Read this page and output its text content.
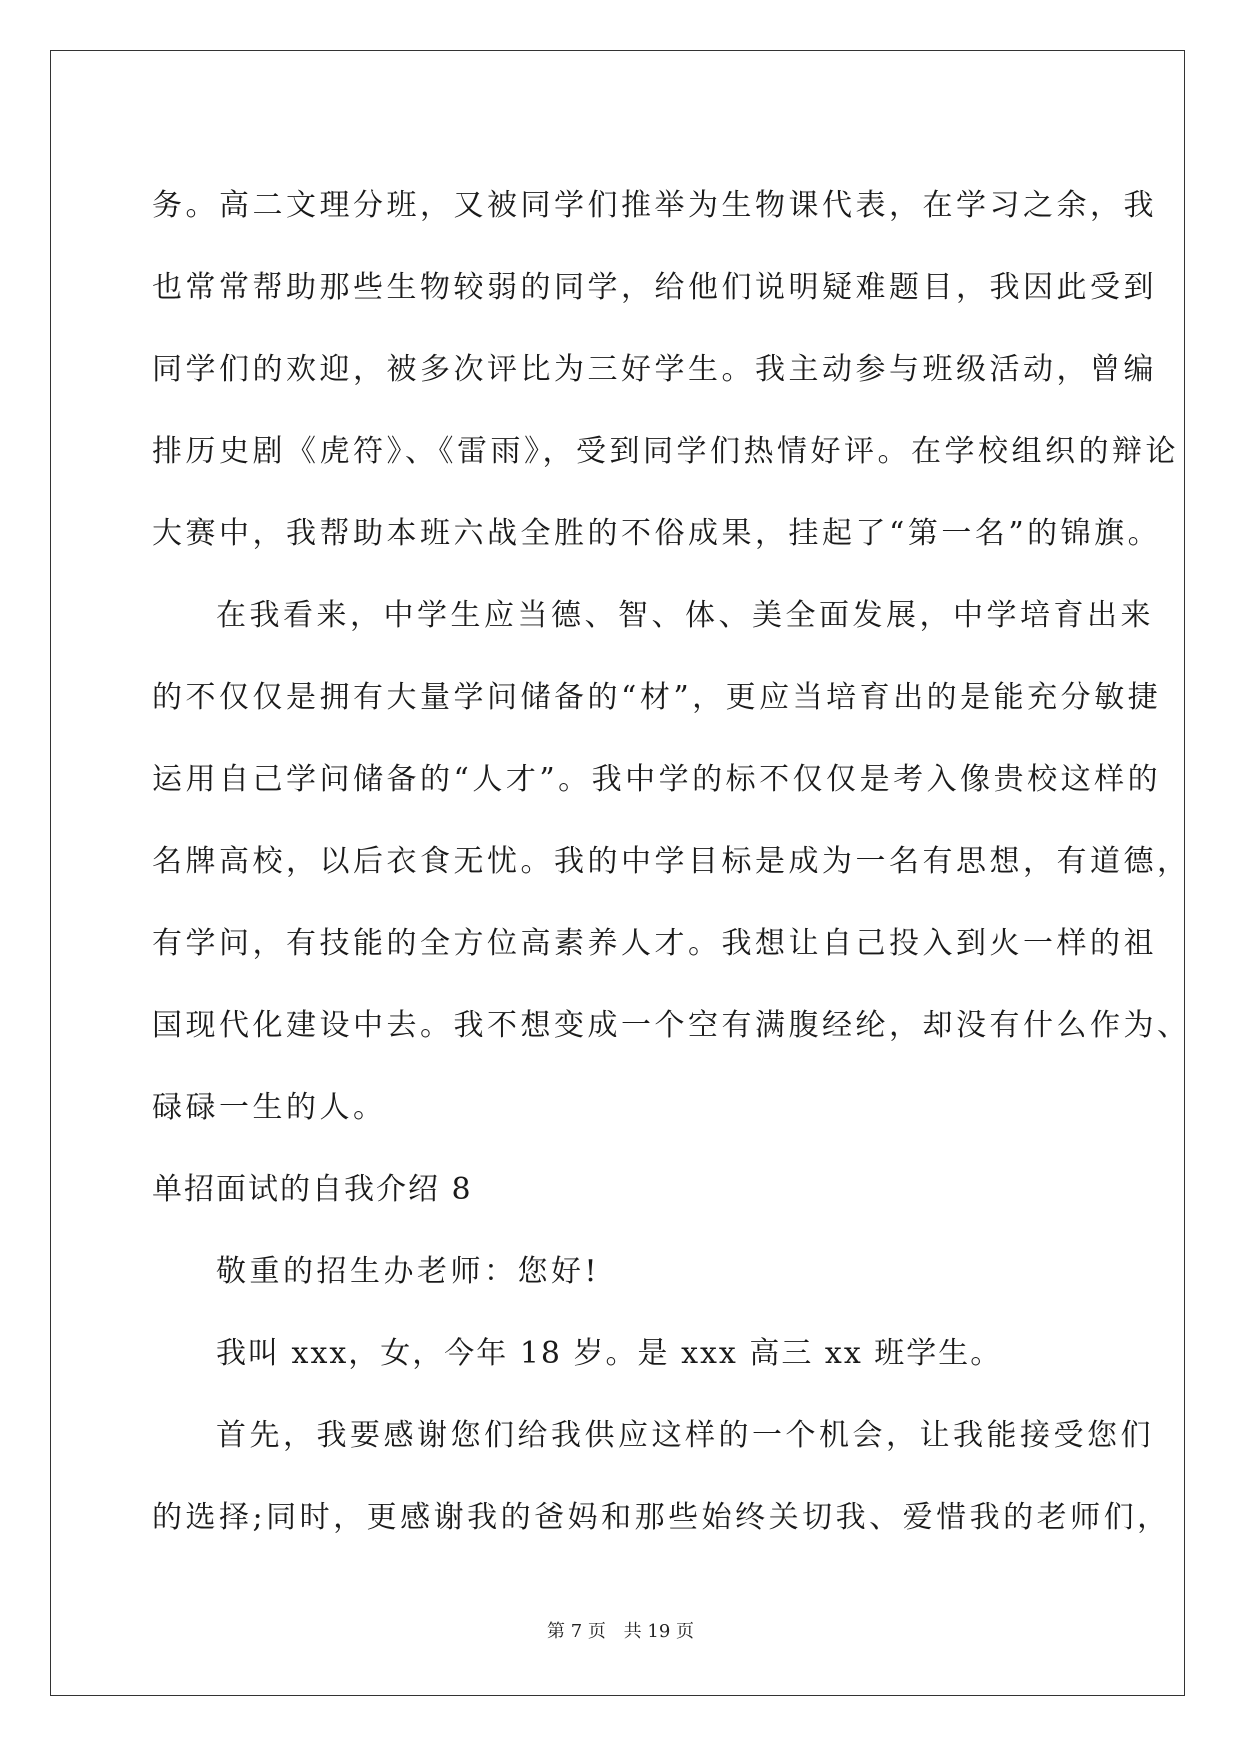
务。高二文理分班，又被同学们推举为生物课代表，在学习之余，我

也常常帮助那些生物较弱的同学，给他们说明疑难题目，我因此受到

同学们的欢迎，被多次评比为三好学生。我主动参与班级活动，曾编

排历史剧《虎符》、《雷雨》，受到同学们热情好评。在学校组织的辩论

大赛中，我帮助本班六战全胜的不俗成果，挂起了“第一名”的锦旗。

在我看来，中学生应当德、智、体、美全面发展，中学培育出来

的不仅仅是拥有大量学问储备的“材”，更应当培育出的是能充分敏捷

运用自己学问储备的“人才”。我中学的标不仅仅是考入像贵校这样的

名牌高校，以后衣食无忧。我的中学目标是成为一名有思想，有道德，

有学问，有技能的全方位高素养人才。我想让自己投入到火一样的祖

国现代化建设中去。我不想变成一个空有满腹经纶，却没有什么作为、

碌碌一生的人。

单招面试的自我介绍 8

敬重的招生办老师：您好!

我叫 xxx，女，今年 18 岁。是 xxx 高三 xx 班学生。

首先，我要感谢您们给我供应这样的一个机会，让我能接受您们

的选择;同时，更感谢我的爸妈和那些始终关切我、爱惜我的老师们，

第 7 页 共 19 页
